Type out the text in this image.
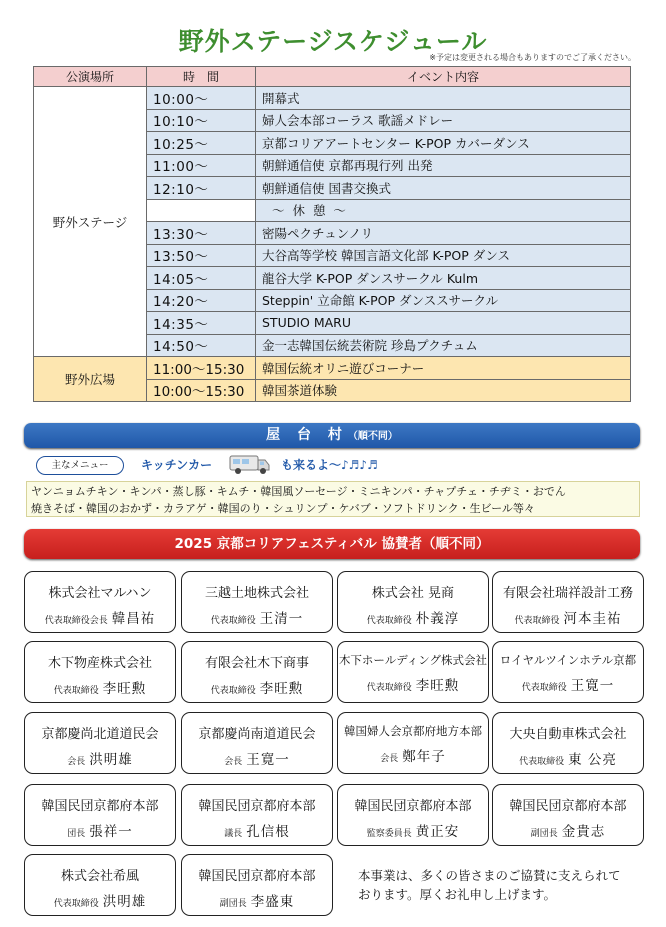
野外ステージスケジュール
※予定は変更される場合もありますのでご了承ください。
公演場所	時　間	イベント内容
野外ステージ	10:00～	開幕式
	10:10～	婦人会本部コーラス 歌謡メドレー
	10:25～	京都コリアアートセンター K-POP カバーダンス
	11:00～	朝鮮通信使 京都再現行列 出発
	12:10～	朝鮮通信使 国書交換式
		～ 休 憩 ～
	13:30～	密陽ペクチュンノリ
	13:50～	大谷高等学校 韓国言語文化部 K-POP ダンス
	14:05～	龍谷大学 K-POP ダンスサークル Kulm
	14:20～	Steppin' 立命館 K-POP ダンススサークル
	14:35～	STUDIO MARU
	14:50～	金一志韓国伝統芸術院 珍島プクチュム
野外広場	11:00～15:30	韓国伝統オリニ遊びコーナー
	10:00～15:30	韓国茶道体験
屋 台 村（順不同）
主なメニュー	キッチンカー	も来るよ～♪♬♪♬
ヤンニョムチキン・キンパ・蒸し豚・キムチ・韓国風ソーセージ・ミニキンパ・チャプチェ・チヂミ・おでん
焼きそば・韓国のおかず・カラアゲ・韓国のり・シュリンプ・ケバブ・ソフトドリンク・生ビール等々
2025 京都コリアフェスティバル 協賛者（順不同）
株式会社マルハン
代表取締役会長 韓昌祐
三越土地株式会社
代表取締役 王清一
株式会社 晃商
代表取締役 朴義淳
有限会社瑞祥設計工務
代表取締役 河本圭祐
木下物産株式会社
代表取締役 李旺勲
有限会社木下商事
代表取締役 李旺勲
木下ホールディング株式会社
代表取締役 李旺勲
ロイヤルツインホテル京都
代表取締役 王寛一
京都慶尚北道道民会
会長 洪明雄
京都慶尚南道道民会
会長 王寛一
韓国婦人会京都府地方本部
会長 鄭年子
大央自動車株式会社
代表取締役 東 公亮
韓国民団京都府本部
団長 張祥一
韓国民団京都府本部
議長 孔信根
韓国民団京都府本部
監察委員長 黄正安
韓国民団京都府本部
副団長 金貴志
株式会社希風
代表取締役 洪明雄
韓国民団京都府本部
副団長 李盛東
本事業は、多くの皆さまのご協賛に支えられて
おります。厚くお礼申し上げます。
